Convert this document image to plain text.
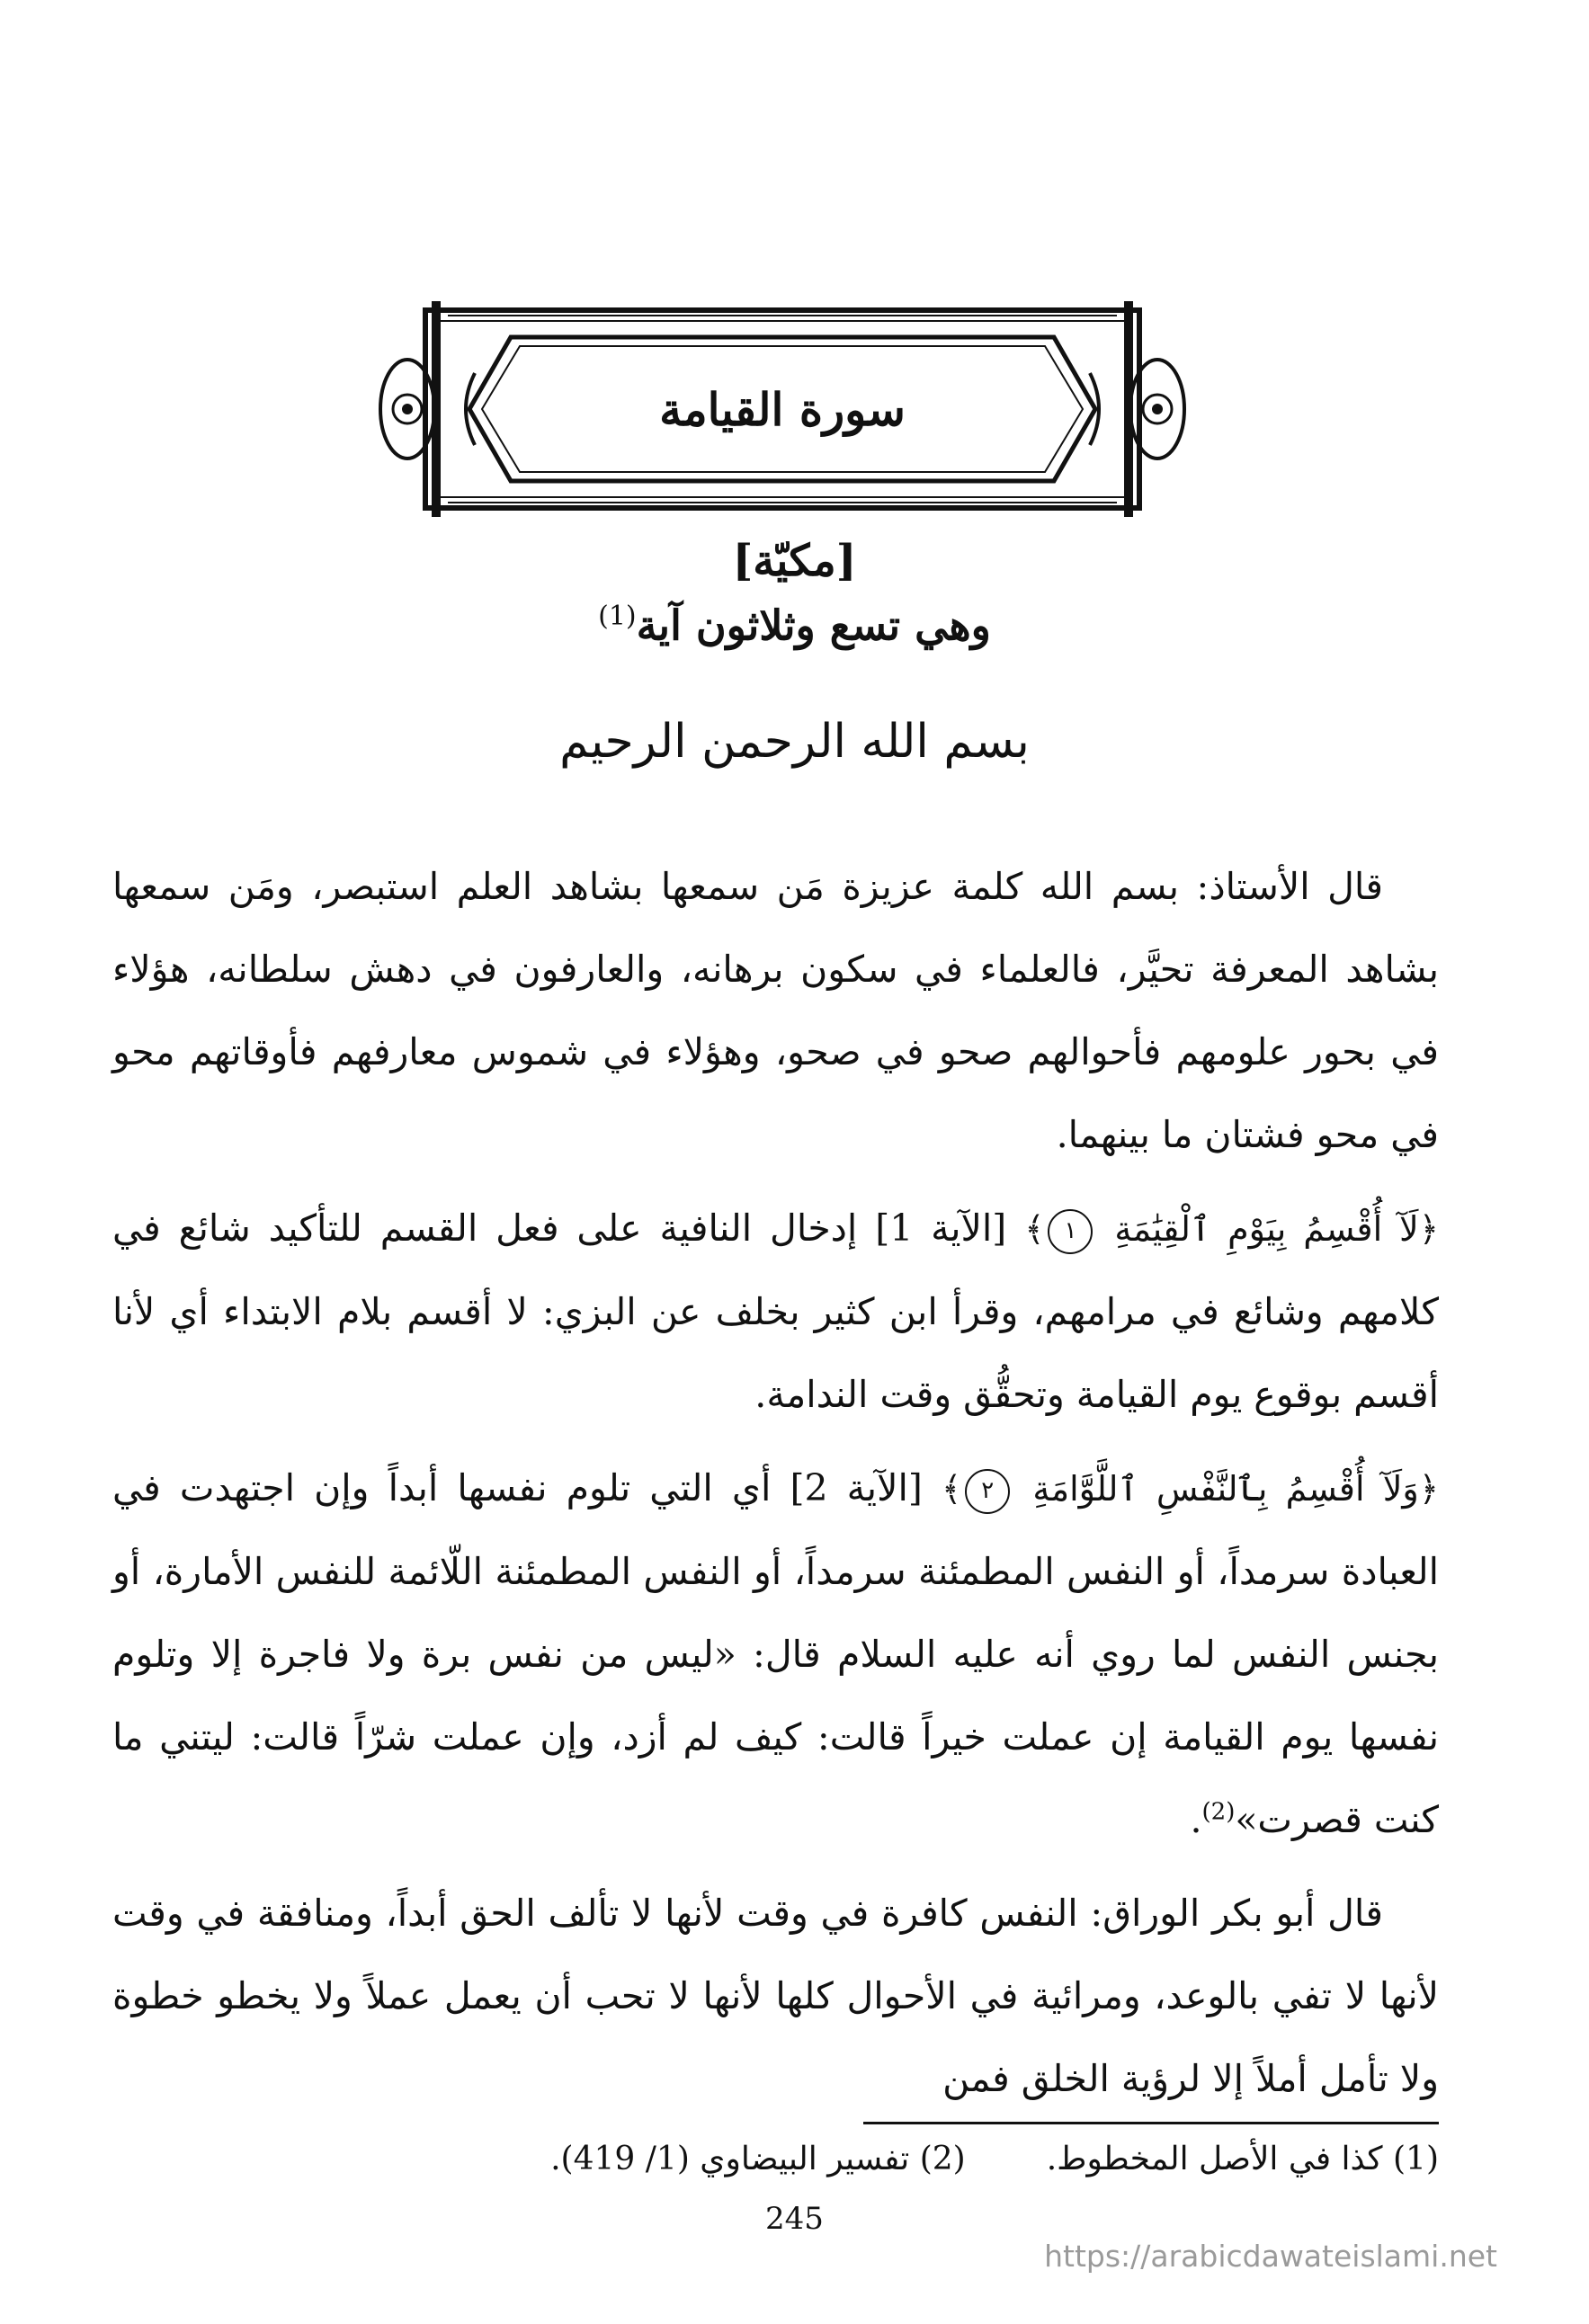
سورة القيامة
[مكيّة]
وهي تسع وثلاثون آية$^{(1)}$
بسم الله الرحمن الرحيم

قال الأستاذ: بسم الله كلمة عزيزة مَن سمعها بشاهد العلم استبصر، ومَن سمعها بشاهد المعرفة تحيَّر، فالعلماء في سكون برهانه، والعارفون في دهش سلطانه، هؤلاء في بحور علومهم فأحوالهم صحو في صحو، وهؤلاء في شموس معارفهم فأوقاتهم محو في محو فشتان ما بينهما.

﴿لَآ أُقْسِمُ بِيَوْمِ ٱلْقِيَٰمَةِ ١﴾ [الآية 1] إدخال النافية على فعل القسم للتأكيد شائع في كلامهم وشائع في مرامهم، وقرأ ابن كثير بخلف عن البزي: لا أقسم بلام الابتداء أي لأنا أقسم بوقوع يوم القيامة وتحقُّق وقت الندامة.

﴿وَلَآ أُقْسِمُ بِٱلنَّفْسِ ٱللَّوَّامَةِ ٢﴾ [الآية 2] أي التي تلوم نفسها أبداً وإن اجتهدت في العبادة سرمداً، أو النفس المطمئنة سرمداً، أو النفس المطمئنة اللّائمة للنفس الأمارة، أو بجنس النفس لما روي أنه عليه السلام قال: «ليس من نفس برة ولا فاجرة إلا وتلوم نفسها يوم القيامة إن عملت خيراً قالت: كيف لم أزد، وإن عملت شرّاً قالت: ليتني ما كنت قصرت»$^{(2)}$.

قال أبو بكر الوراق: النفس كافرة في وقت لأنها لا تألف الحق أبداً، ومنافقة في وقت لأنها لا تفي بالوعد، ومرائية في الأحوال كلها لأنها لا تحب أن يعمل عملاً ولا يخطو خطوة ولا تأمل أملاً إلا لرؤية الخلق فمن

(1) كذا في الأصل المخطوط.
(2) تفسير البيضاوي (1/ 419).
245
https://arabicdawateislami.net
